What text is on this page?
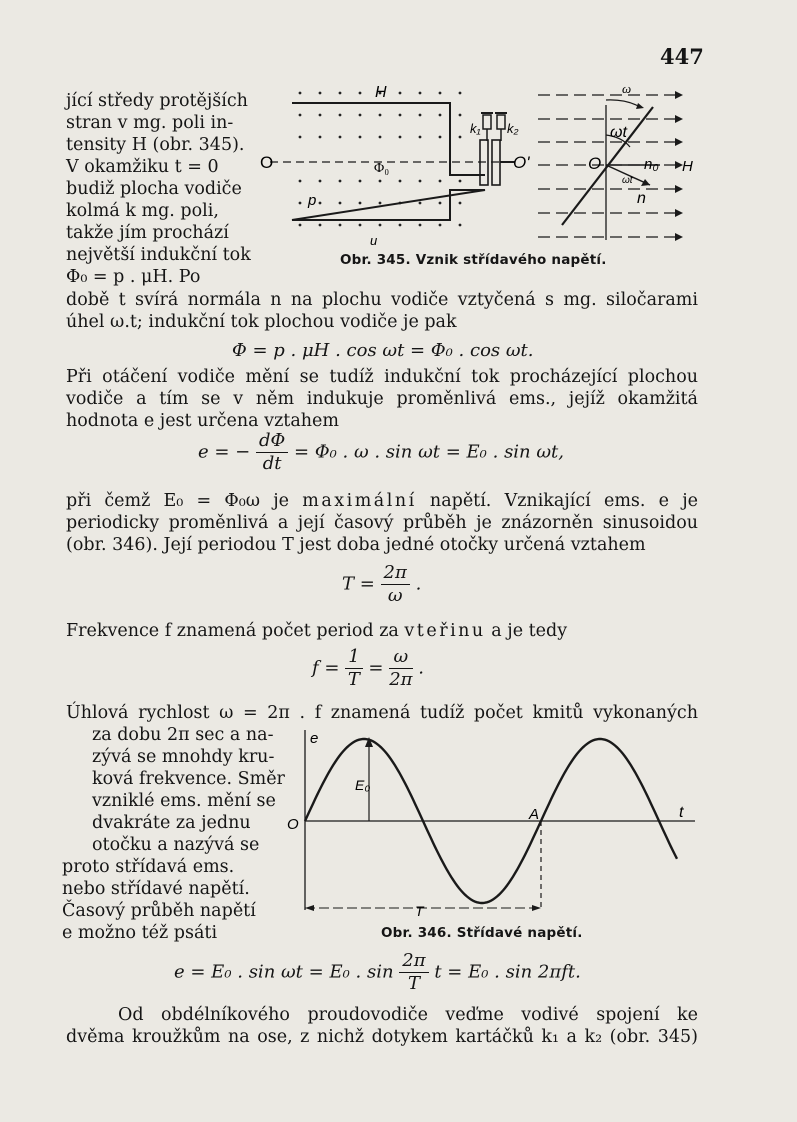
447
jící středy protějších
stran v mg. poli in-
tensity H (obr. 345).
V okamžiku t = 0
budiž plocha vodiče
kolmá k mg. poli,
takže jím prochází
největší indukční tok
Φ₀ = p . μH. Po
H
O	Φ₀
p
u
k₁ k₂
O'	O
ω
ωt
n₀ H
n
ωt
Obr. 345. Vznik střídavého napětí.
době t svírá normála n na plochu vodiče vztyčená s mg. siločarami
úhel ω.t; indukční tok plochou vodiče je pak
Φ = p . μH . cos ωt = Φ₀ . cos ωt.
Při otáčení vodiče mění se tudíž indukční tok procházející plochou
vodiče a tím se v něm indukuje proměnlivá ems., jejíž okamžitá
hodnota e jest určena vztahem
e = − $\frac{d\Phi}{dt} = \Phi_0$ . ω . sin ωt = E₀ . sin ωt,
při čemž E₀ = Φ₀ω je maximální napětí. Vznikající ems. e je
periodicky proměnlivá a její časový průběh je znázorněn sinusoidou
(obr. 346). Její periodou T jest doba jedné otočky určená vztahem
$T = \frac{2\pi}{\omega}$ .
Frekvence f znamená počet period za vteřinu a je tedy
$f = \frac{1}{T} = \frac{\omega}{2\pi}$ .
Úhlová rychlost ω = 2π . f znamená tudíž počet kmitů vykonaných
za dobu 2π sec a na-
zývá se mnohdy kru-
ková frekvence. Směr
vzniklé ems. mění se
dvakráte za jednu
otočku a nazývá se
proto střídavá ems.
nebo střídavé napětí.
Časový průběh napětí
e možno též psáti
e
E₀
O
A	t
T
Obr. 346. Střídavé napětí.
e = E₀ . sin ωt = E₀ . $\sin \frac{2\pi}{T}$ t = E₀ . sin 2πft.
Od obdélníkového proudovodiče veďme vodivé spojení ke
dvěma kroužkům na ose, z nichž dotykem kartáčků k₁ a k₂ (obr. 345)
